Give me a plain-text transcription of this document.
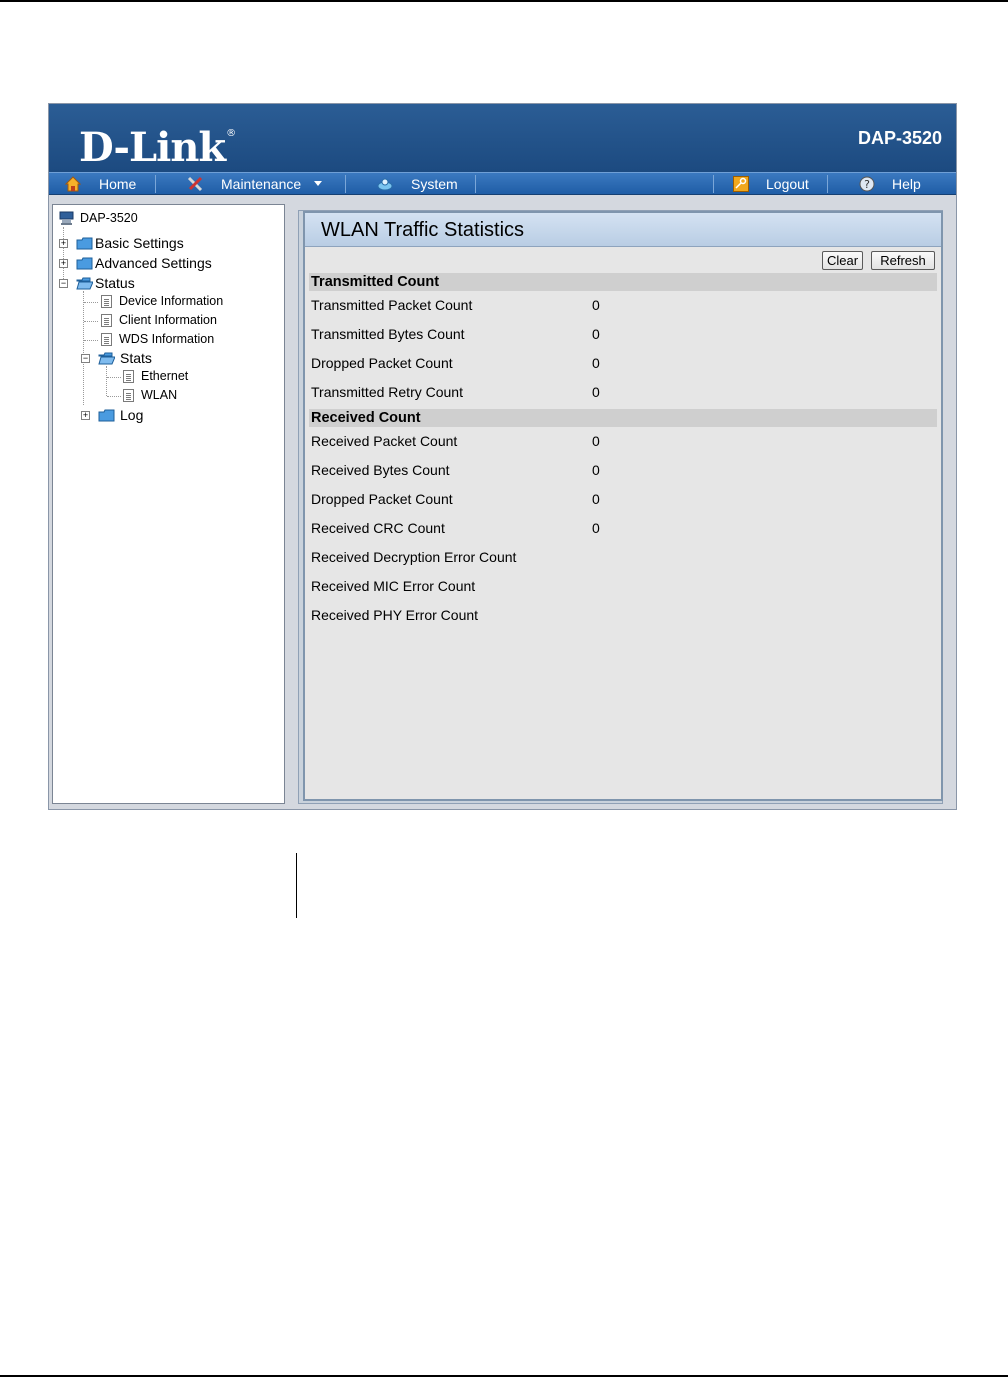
D-Link®	DAP-3520
Home	Maintenance	System	Logout	? Help
DAP-3520
+ Basic Settings
+ Advanced Settings
− Status
Device Information
Client Information
WDS Information
− Stats
Ethernet
WLAN
+ Log
WLAN Traffic Statistics
Clear	Refresh
Transmitted Count
Transmitted Packet Count	0
Transmitted Bytes Count	0
Dropped Packet Count	0
Transmitted Retry Count	0
Received Count
Received Packet Count	0
Received Bytes Count	0
Dropped Packet Count	0
Received CRC Count	0
Received Decryption Error Count
Received MIC Error Count
Received PHY Error Count
